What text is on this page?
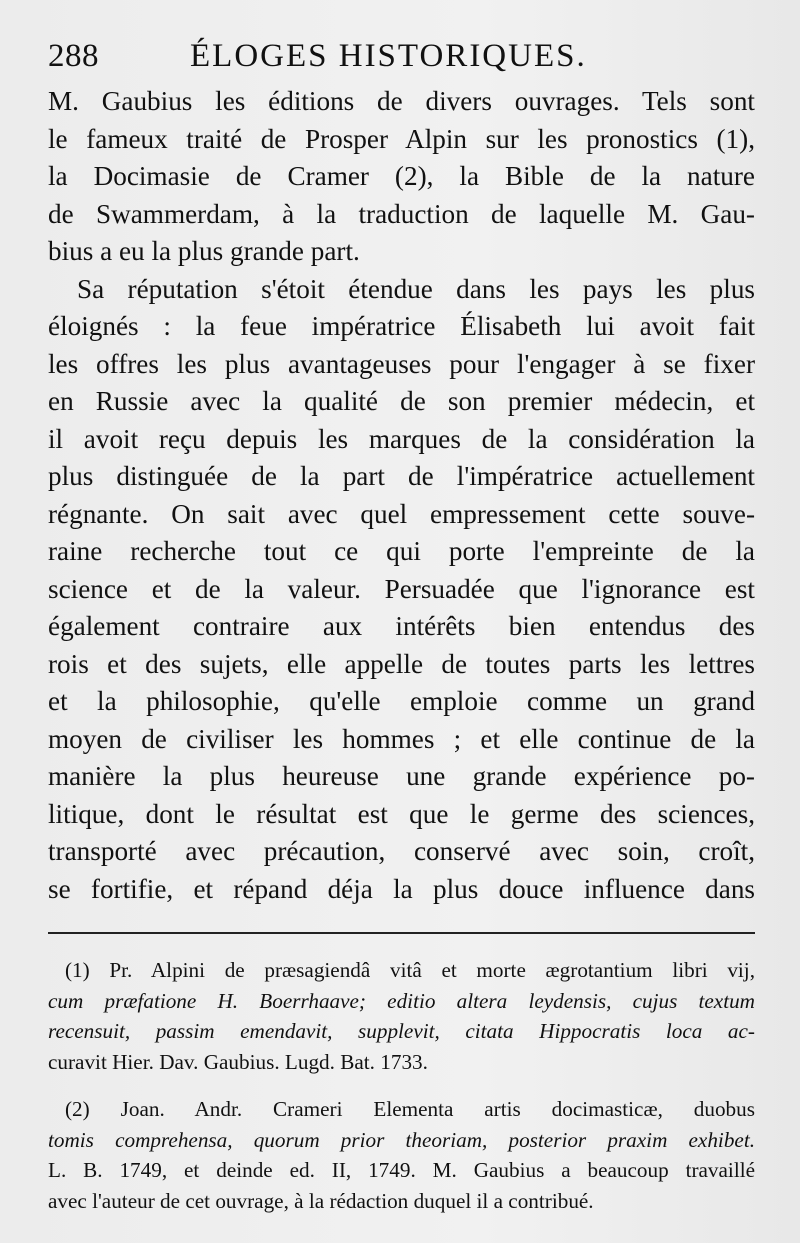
288	ÉLOGES HISTORIQUES.
M. Gaubius les éditions de divers ouvrages. Tels sont
le fameux traité de Prosper Alpin sur les pronostics (1),
la Docimasie de Cramer (2), la Bible de la nature
de Swammerdam, à la traduction de laquelle M. Gau-
bius a eu la plus grande part.
Sa réputation s'étoit étendue dans les pays les plus
éloignés : la feue impératrice Élisabeth lui avoit fait
les offres les plus avantageuses pour l'engager à se fixer
en Russie avec la qualité de son premier médecin, et
il avoit reçu depuis les marques de la considération la
plus distinguée de la part de l'impératrice actuellement
régnante. On sait avec quel empressement cette souve-
raine recherche tout ce qui porte l'empreinte de la
science et de la valeur. Persuadée que l'ignorance est
également contraire aux intérêts bien entendus des
rois et des sujets, elle appelle de toutes parts les lettres
et la philosophie, qu'elle emploie comme un grand
moyen de civiliser les hommes ; et elle continue de la
manière la plus heureuse une grande expérience po-
litique, dont le résultat est que le germe des sciences,
transporté avec précaution, conservé avec soin, croît,
se fortifie, et répand déja la plus douce influence dans
(1) Pr. Alpini de præsagiendâ vitâ et morte ægrotantium libri vij,
cum præfatione H. Boerrhaave; editio altera leydensis, cujus textum
recensuit, passim emendavit, supplevit, citata Hippocratis loca ac-
curavit Hier. Dav. Gaubius. Lugd. Bat. 1733.
(2) Joan. Andr. Crameri Elementa artis docimasticæ, duobus
tomis comprehensa, quorum prior theoriam, posterior praxim exhibet.
L. B. 1749, et deinde ed. II, 1749. M. Gaubius a beaucoup travaillé
avec l'auteur de cet ouvrage, à la rédaction duquel il a contribué.
